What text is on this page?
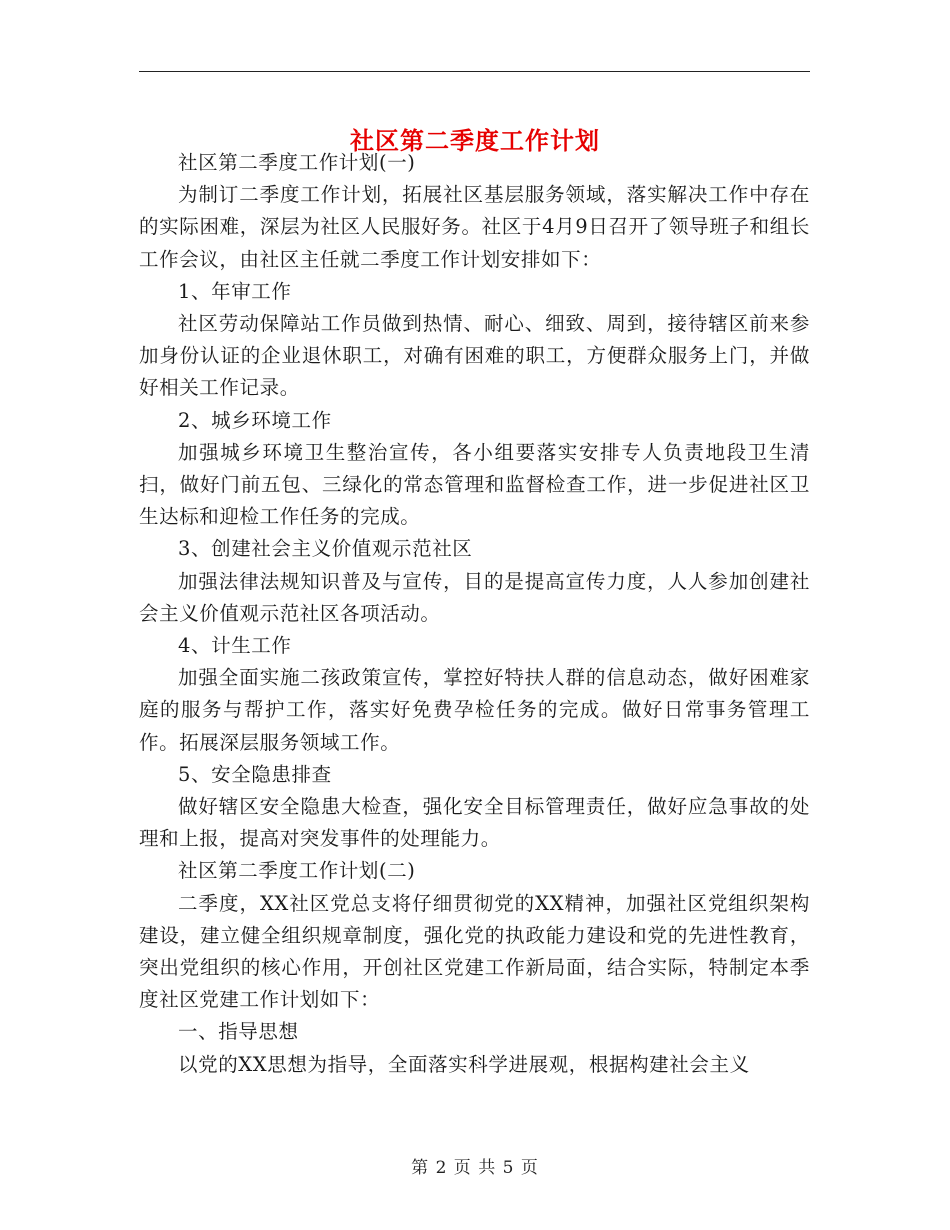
社区第二季度工作计划

社区第二季度工作计划(一)

为制订二季度工作计划，拓展社区基层服务领域，落实解决工作中存在的实际困难，深层为社区人民服好务。社区于4月9日召开了领导班子和组长工作会议，由社区主任就二季度工作计划安排如下：

1、年审工作

社区劳动保障站工作员做到热情、耐心、细致、周到，接待辖区前来参加身份认证的企业退休职工，对确有困难的职工，方便群众服务上门，并做好相关工作记录。

2、城乡环境工作

加强城乡环境卫生整治宣传，各小组要落实安排专人负责地段卫生清扫，做好门前五包、三绿化的常态管理和监督检查工作，进一步促进社区卫生达标和迎检工作任务的完成。

3、创建社会主义价值观示范社区

加强法律法规知识普及与宣传，目的是提高宣传力度，人人参加创建社会主义价值观示范社区各项活动。

4、计生工作

加强全面实施二孩政策宣传，掌控好特扶人群的信息动态，做好困难家庭的服务与帮护工作，落实好免费孕检任务的完成。做好日常事务管理工作。拓展深层服务领域工作。

5、安全隐患排查

做好辖区安全隐患大检查，强化安全目标管理责任，做好应急事故的处理和上报，提高对突发事件的处理能力。

社区第二季度工作计划(二)

二季度，XX社区党总支将仔细贯彻党的XX精神，加强社区党组织架构建设，建立健全组织规章制度，强化党的执政能力建设和党的先进性教育，突出党组织的核心作用，开创社区党建工作新局面，结合实际，特制定本季度社区党建工作计划如下：

一、指导思想

以党的XX思想为指导，全面落实科学进展观，根据构建社会主义

第 2 页 共 5 页
